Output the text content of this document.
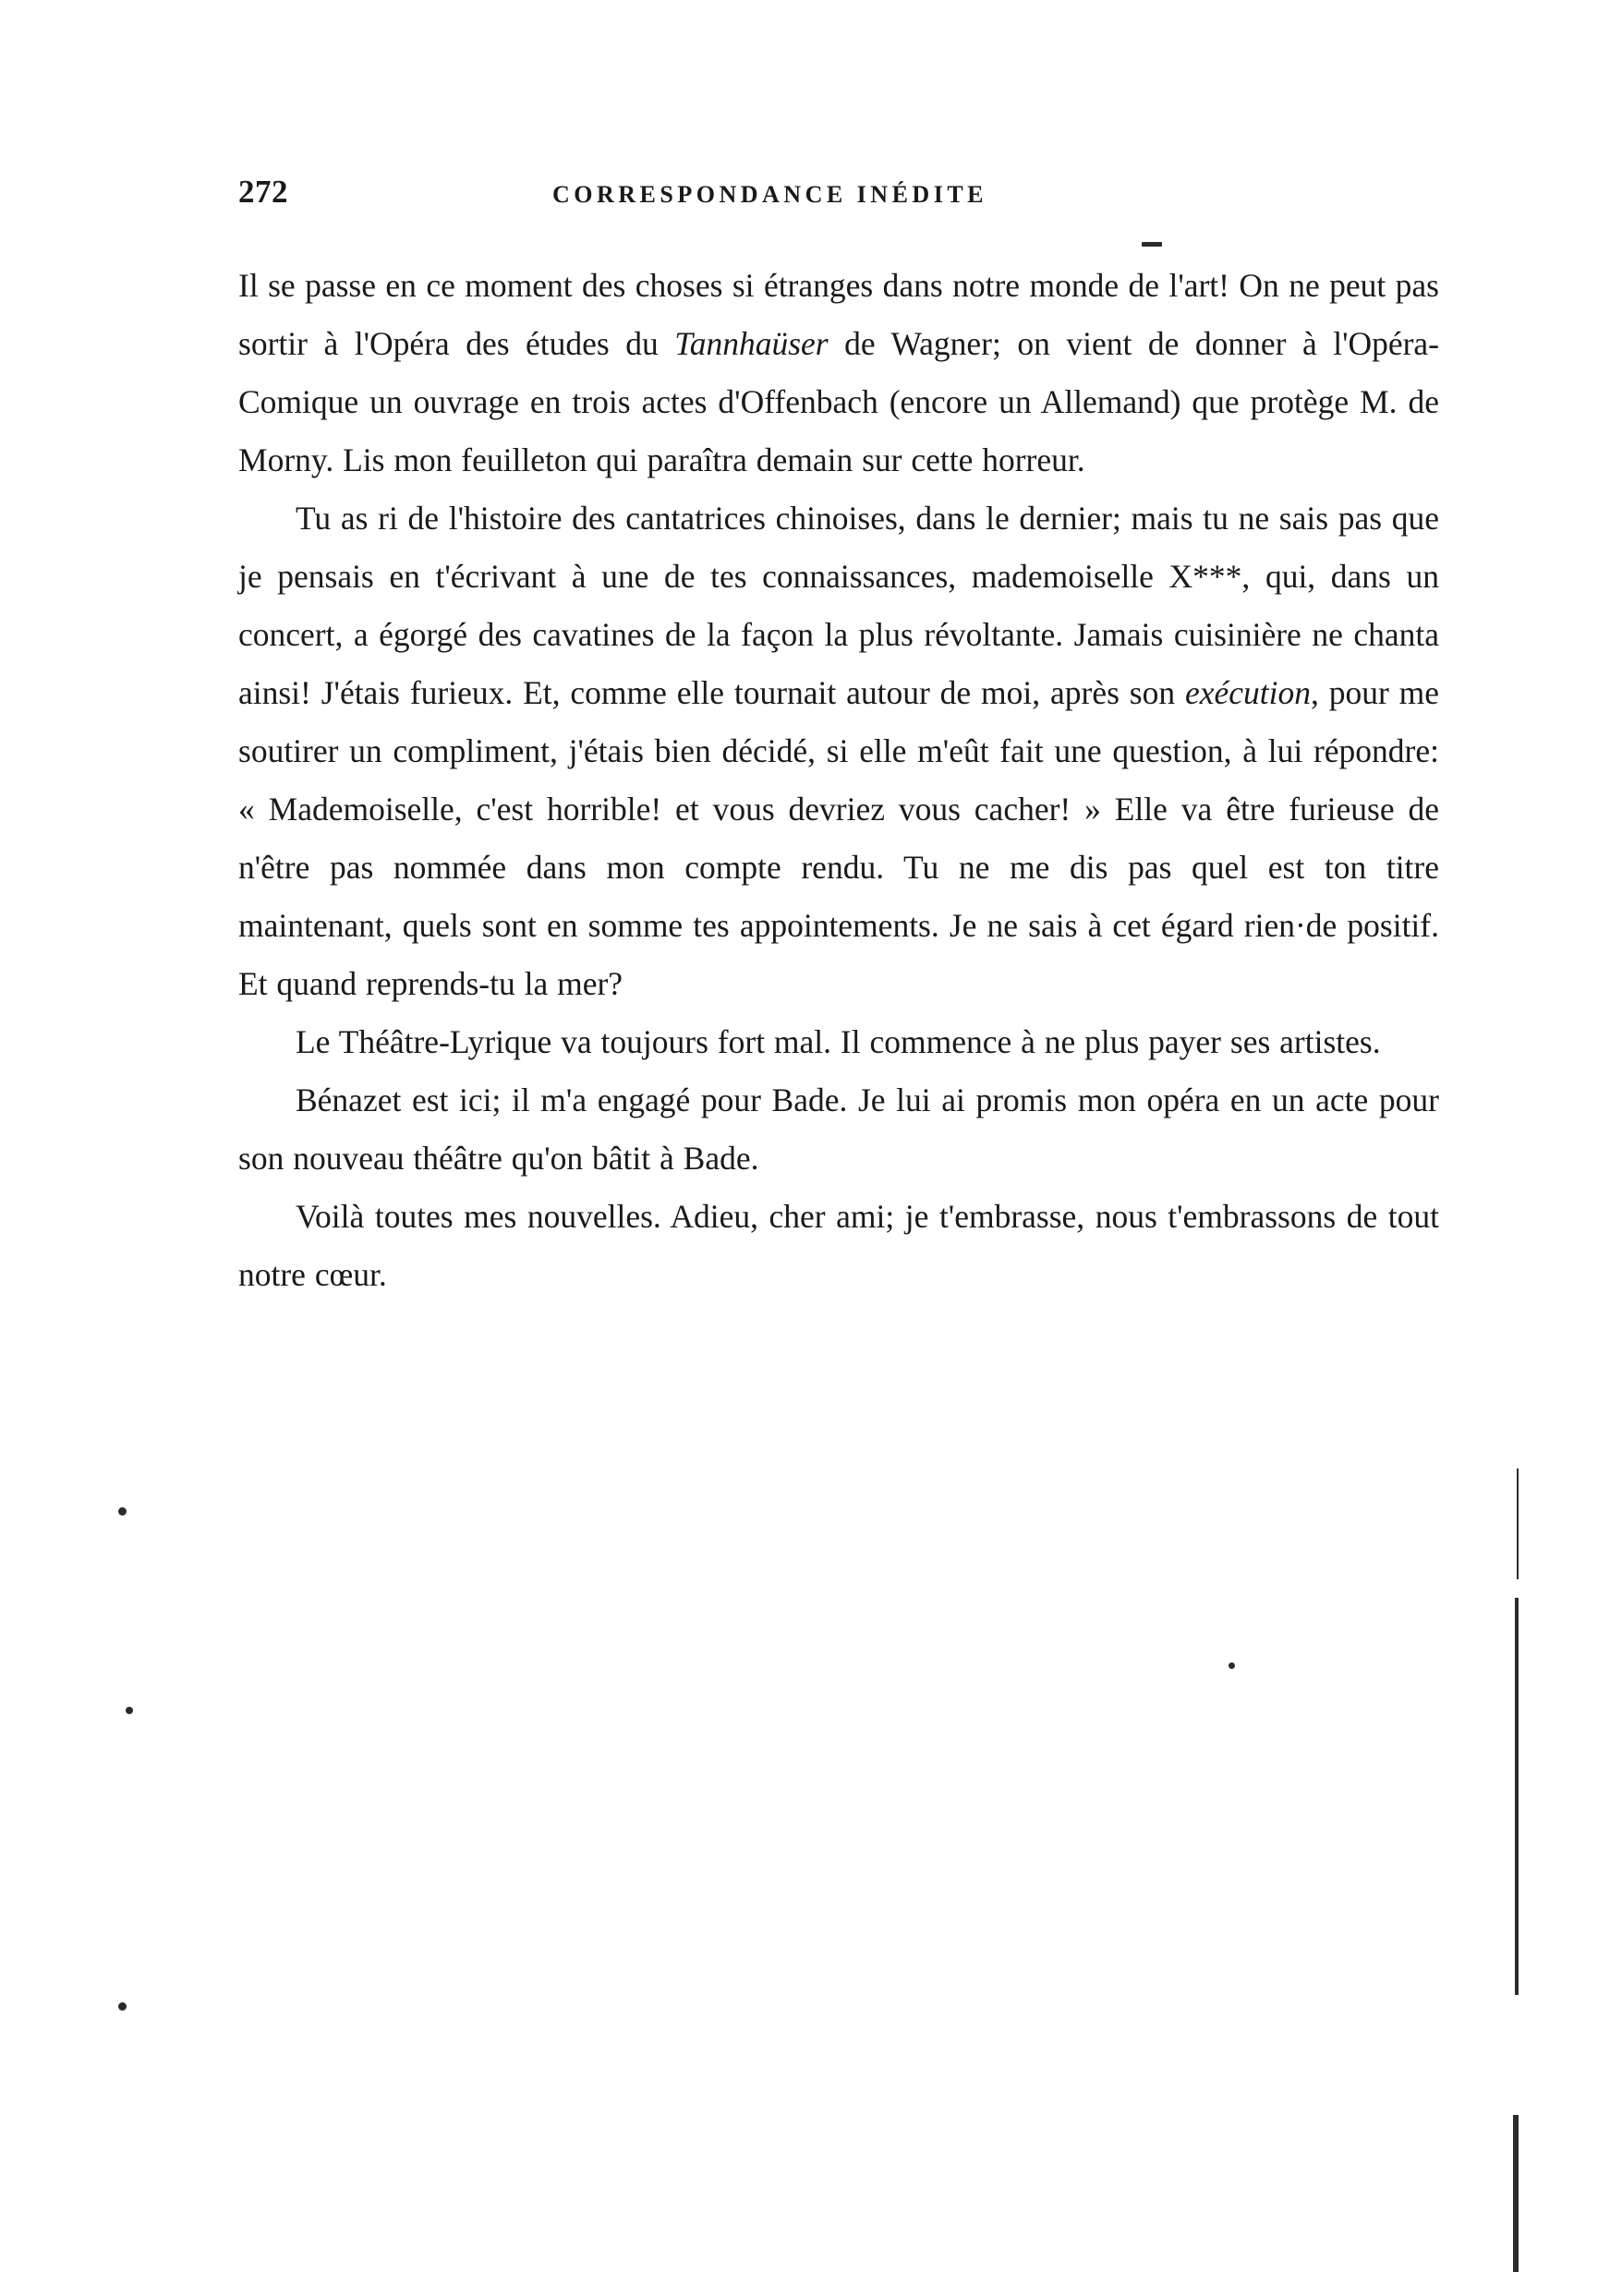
272	CORRESPONDANCE INÉDITE

Il se passe en ce moment des choses si étranges dans notre monde de l'art! On ne peut pas sortir à l'Opéra des études du Tannhaüser de Wagner; on vient de donner à l'Opéra-Comique un ouvrage en trois actes d'Offenbach (encore un Allemand) que protège M. de Morny. Lis mon feuilleton qui paraîtra demain sur cette horreur.

Tu as ri de l'histoire des cantatrices chinoises, dans le dernier; mais tu ne sais pas que je pensais en t'écrivant à une de tes connaissances, mademoiselle X***, qui, dans un concert, a égorgé des cavatines de la façon la plus révoltante. Jamais cuisinière ne chanta ainsi! J'étais furieux. Et, comme elle tournait autour de moi, après son exécution, pour me soutirer un compliment, j'étais bien décidé, si elle m'eût fait une question, à lui répondre: « Mademoiselle, c'est horrible! et vous devriez vous cacher! » Elle va être furieuse de n'être pas nommée dans mon compte rendu. Tu ne me dis pas quel est ton titre maintenant, quels sont en somme tes appointements. Je ne sais à cet égard rien·de positif. Et quand reprends-tu la mer?

Le Théâtre-Lyrique va toujours fort mal. Il commence à ne plus payer ses artistes.

Bénazet est ici; il m'a engagé pour Bade. Je lui ai promis mon opéra en un acte pour son nouveau théâtre qu'on bâtit à Bade.

Voilà toutes mes nouvelles. Adieu, cher ami; je t'embrasse, nous t'embrassons de tout notre cœur.
